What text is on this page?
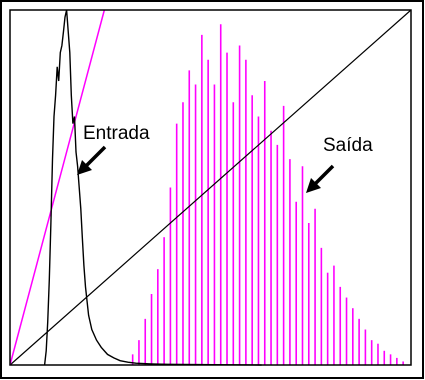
Entrada
Saída
